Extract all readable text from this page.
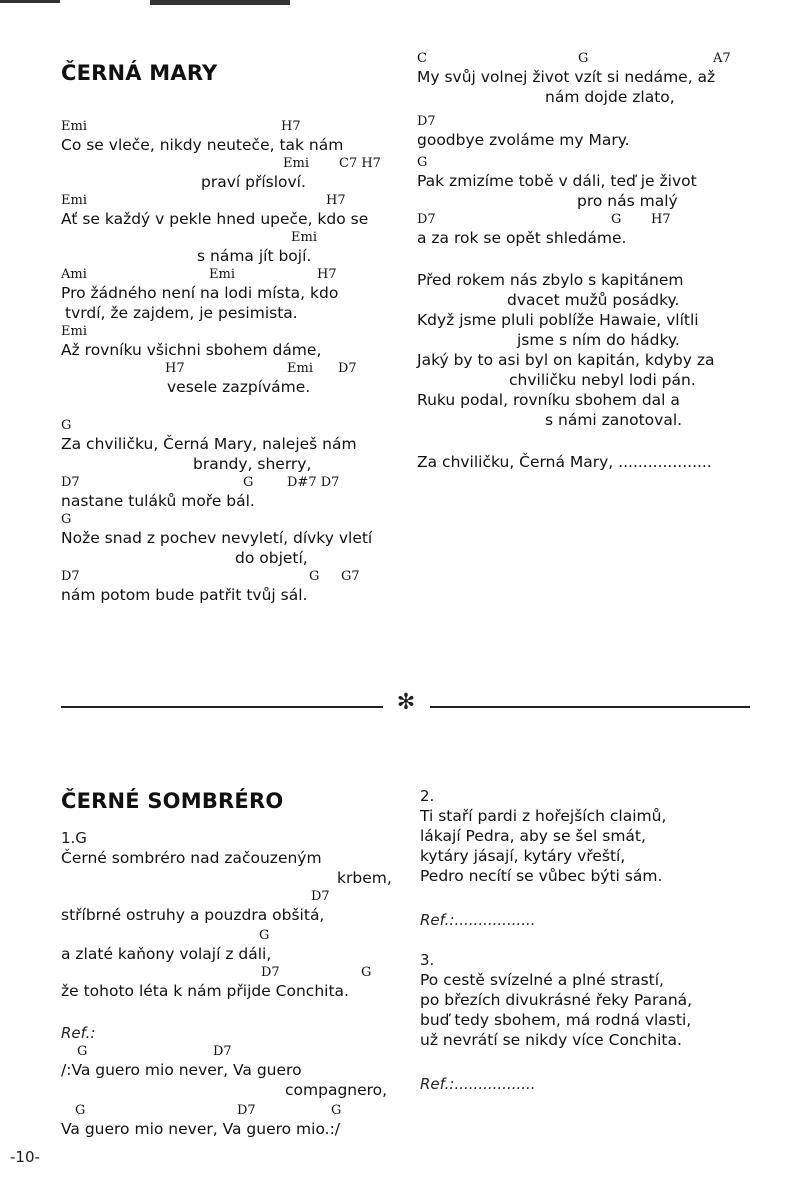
ČERNÁ MARY

Emi

	H7

Co se vleče, nikdy neuteče, tak nám

Emi

C7 H7

praví přísloví.

Emi

	H7

Ať se každý v pekle hned upeče, kdo se

Emi

s náma jít bojí.

Ami

	Emi

	H7

Pro žádného není na lodi místa, kdo
tvrdí, že zajdem, je pesimista.

Emi

Až rovníku všichni sbohem dáme,

H7

	Emi

D7

vesele zazpíváme.

G

Za chviličku, Černá Mary, naleješ nám
brandy, sherry,

D7

	G

	D#7 D7

nastane tuláků moře bál.

G

Nože snad z pochev nevyletí, dívky vletí
do objetí,

D7

	G

G7

nám potom bude patřit tvůj sál.

C

	G

	A7

My svůj volnej život vzít si nedáme, až
nám dojde zlato,

D7

goodbye zvoláme my Mary.

G

Pak zmizíme tobě v dáli, teď je život
pro nás malý

D7

	G

H7

a za rok se opět shledáme.
Před rokem nás zbylo s kapitánem
dvacet mužů posádky.
Když jsme pluli poblíže Hawaie, vlítli
jsme s ním do hádky.
Jaký by to asi byl on kapitán, kdyby za
chviličku nebyl lodi pán.
Ruku podal, rovníku sbohem dal a
s námi zanotoval.
Za chviličku, Černá Mary, ...................
✻
ČERNÉ SOMBRÉRO
1.G
Černé sombréro nad začouzeným
krbem,

D7

stříbrné ostruhy a pouzdra obšitá,

G

a zlaté kaňony volají z dáli,

D7

	G

že tohoto léta k nám přijde Conchita.
Ref.:

G

	D7

/:Va guero mio never, Va guero
compagnero,

G

	D7

	G

Va guero mio never, Va guero mio.:/
2.
Ti staří pardi z hořejších claimů,
lákají Pedra, aby se šel smát,
kytáry jásají, kytáry vřeští,
Pedro necítí se vůbec býti sám.
Ref.:.................
3.
Po cestě svízelné a plné strastí,
po březích divukrásné řeky Paraná,
buď tedy sbohem, má rodná vlasti,
už nevrátí se nikdy více Conchita.
Ref.:.................
-10-
